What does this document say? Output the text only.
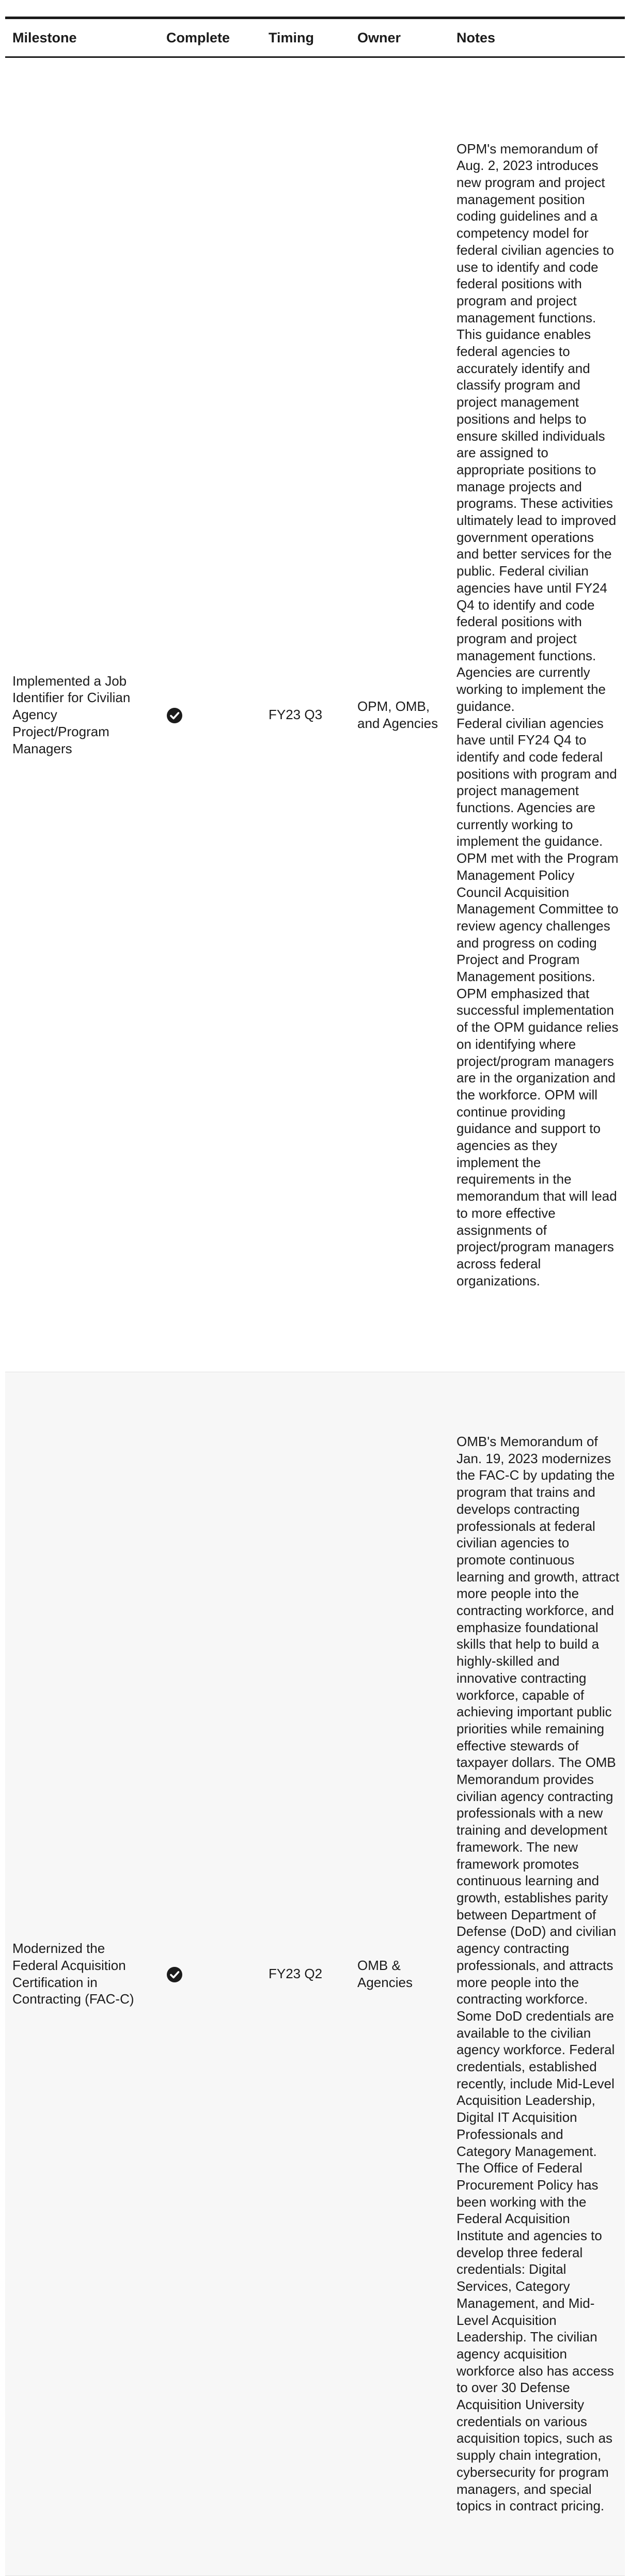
Milestone	Complete	Timing	Owner	Notes
Implemented a Job Identifier for Civilian Agency Project/Program Managers		FY23 Q3	OPM, OMB, and Agencies	OPM's memorandum of Aug. 2, 2023 introduces new program and project management position coding guidelines and a competency model for federal civilian agencies to use to identify and code federal positions with program and project management functions. This guidance enables federal agencies to accurately identify and classify program and project management positions and helps to ensure skilled individuals are assigned to appropriate positions to manage projects and programs. These activities ultimately lead to improved government operations and better services for the public. Federal civilian agencies have until FY24 Q4 to identify and code federal positions with program and project management functions. Agencies are currently working to implement the guidance.
Federal civilian agencies have until FY24 Q4 to identify and code federal positions with program and project management functions. Agencies are currently working to implement the guidance.
OPM met with the Program Management Policy Council Acquisition Management Committee to review agency challenges and progress on coding Project and Program Management positions. OPM emphasized that successful implementation of the OPM guidance relies on identifying where project/program managers are in the organization and the workforce. OPM will continue providing guidance and support to agencies as they implement the requirements in the memorandum that will lead to more effective assignments of project/program managers across federal organizations.

Modernized the Federal Acquisition Certification in Contracting (FAC-C)		FY23 Q2	OMB & Agencies	OMB's Memorandum of Jan. 19, 2023 modernizes the FAC-C by updating the program that trains and develops contracting professionals at federal civilian agencies to promote continuous learning and growth, attract more people into the contracting workforce, and emphasize foundational skills that help to build a highly-skilled and innovative contracting workforce, capable of achieving important public priorities while remaining effective stewards of taxpayer dollars. The OMB Memorandum provides civilian agency contracting professionals with a new training and development framework. The new framework promotes continuous learning and growth, establishes parity between Department of Defense (DoD) and civilian agency contracting professionals, and attracts more people into the contracting workforce. Some DoD credentials are available to the civilian agency workforce. Federal credentials, established recently, include Mid-Level Acquisition Leadership, Digital IT Acquisition Professionals and Category Management. The Office of Federal Procurement Policy has been working with the Federal Acquisition Institute and agencies to develop three federal credentials: Digital Services, Category Management, and Mid-Level Acquisition Leadership. The civilian agency acquisition workforce also has access to over 30 Defense Acquisition University credentials on various acquisition topics, such as supply chain integration, cybersecurity for program managers, and special topics in contract pricing.
